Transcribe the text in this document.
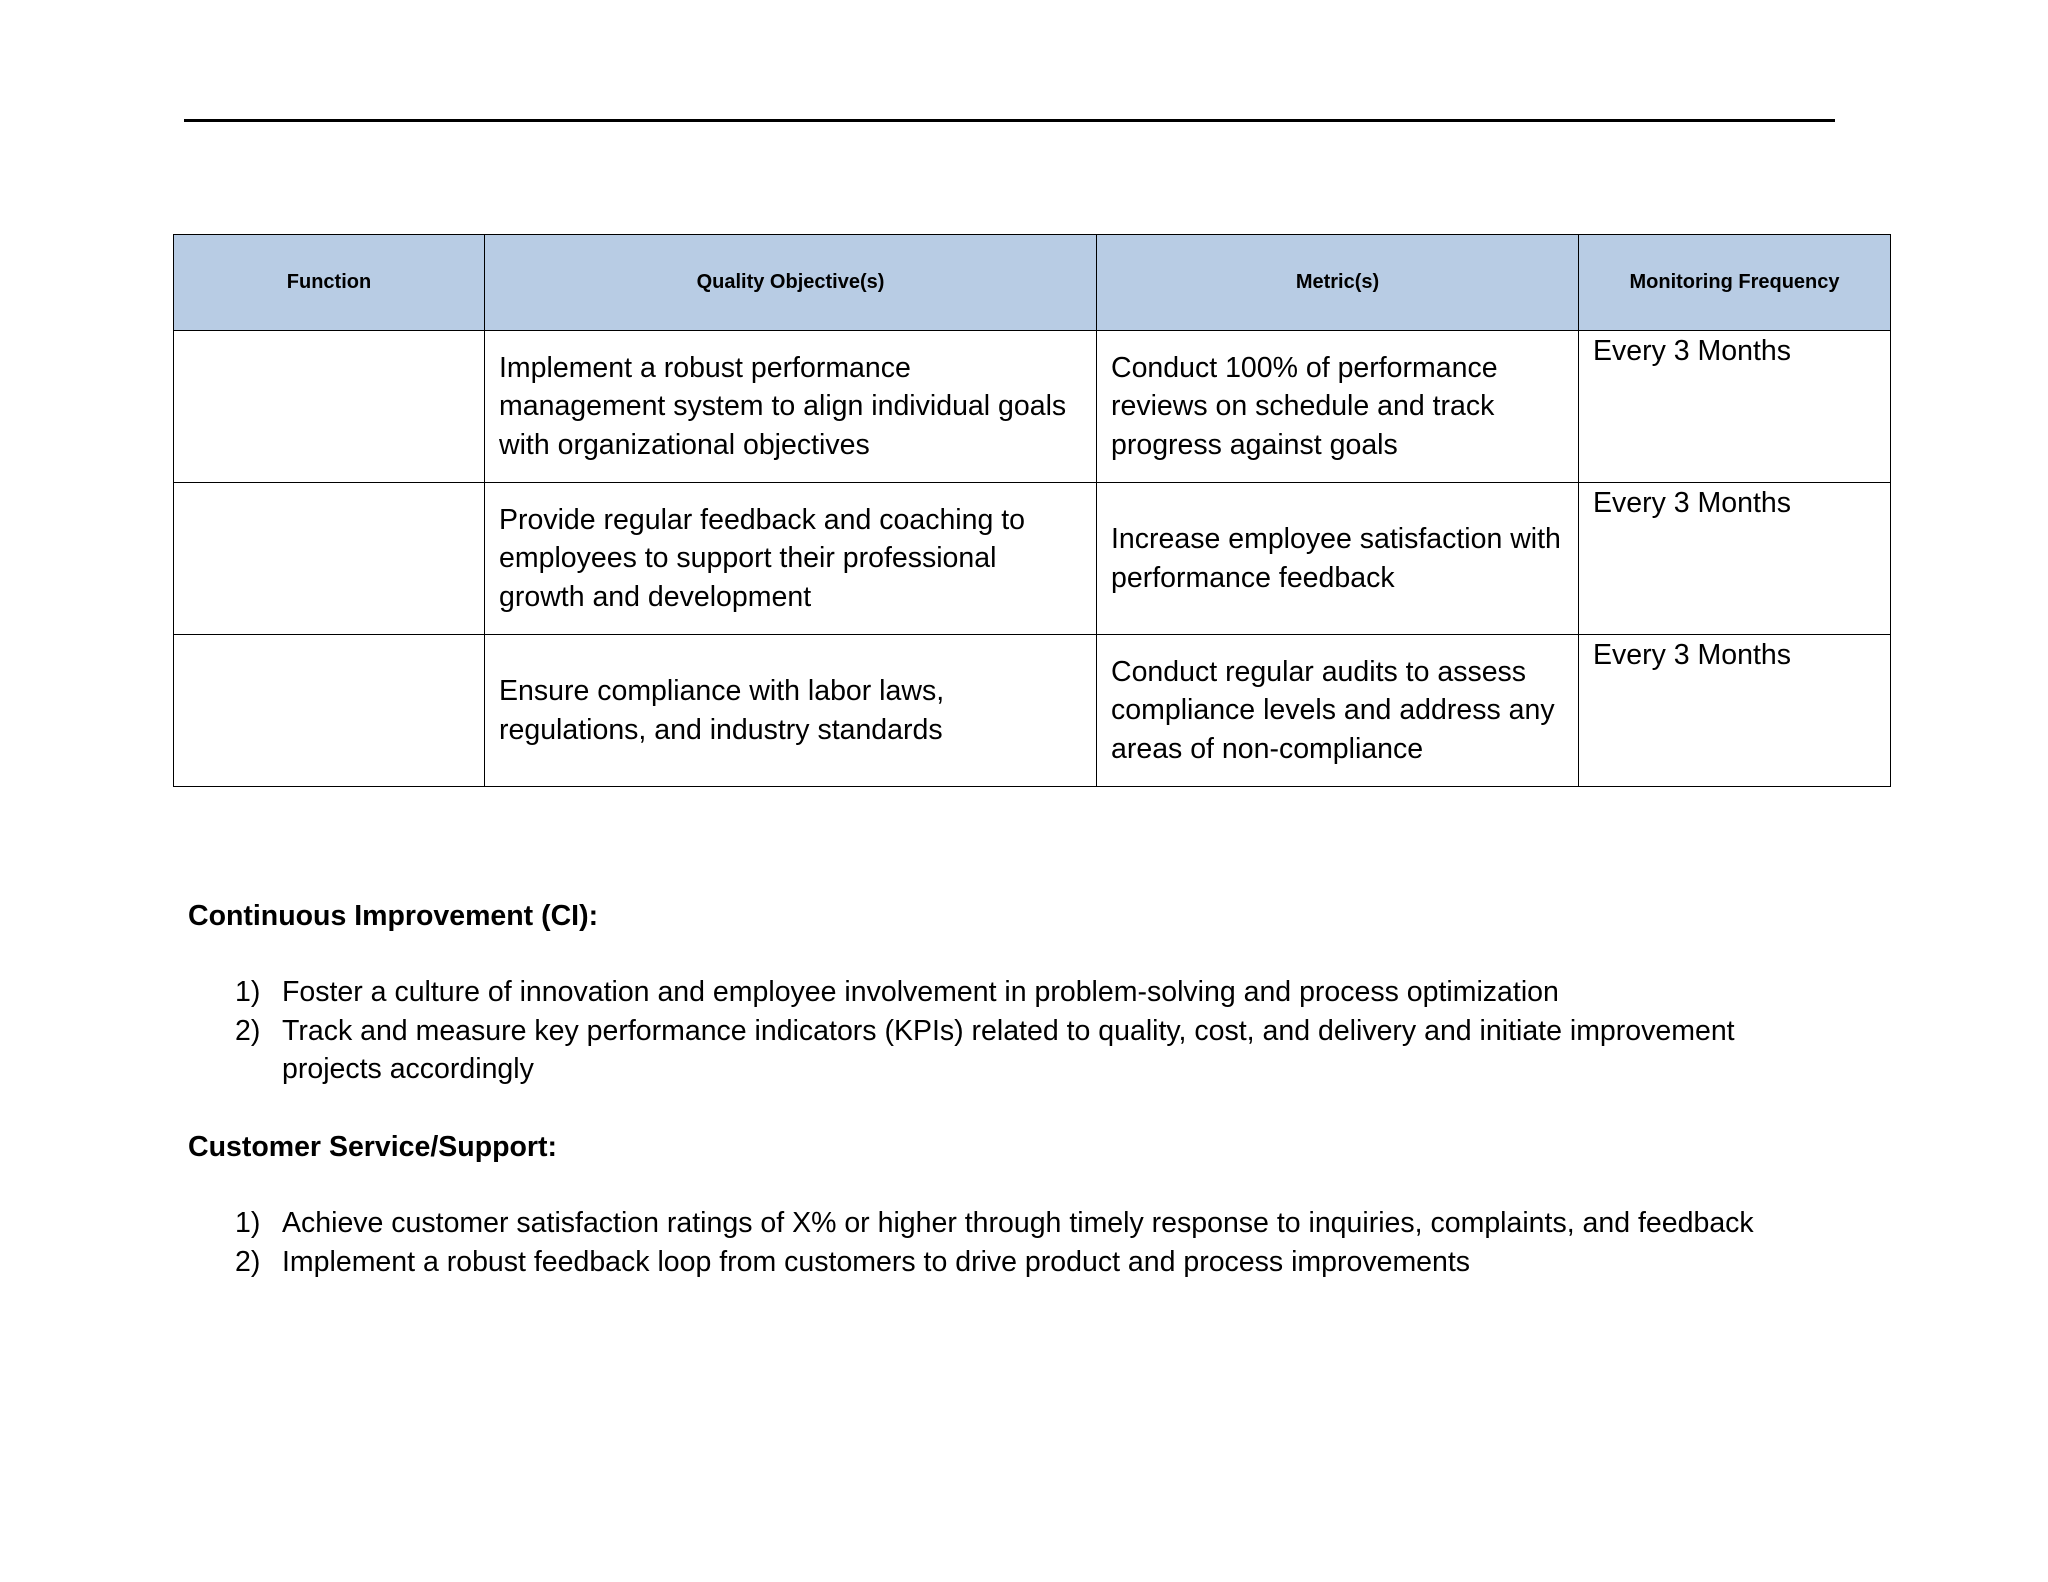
Function	Quality Objective(s)	Metric(s)	Monitoring Frequency
	Implement a robust performance management system to align individual goals with organizational objectives	Conduct 100% of performance reviews on schedule and track progress against goals	Every 3 Months
	Provide regular feedback and coaching to employees to support their professional growth and development	Increase employee satisfaction with performance feedback	Every 3 Months
	Ensure compliance with labor laws, regulations, and industry standards	Conduct regular audits to assess compliance levels and address any areas of non-compliance	Every 3 Months

Continuous Improvement (CI):

1) Foster a culture of innovation and employee involvement in problem-solving and process optimization
2) Track and measure key performance indicators (KPIs) related to quality, cost, and delivery and initiate improvement projects accordingly

Customer Service/Support:

1) Achieve customer satisfaction ratings of X% or higher through timely response to inquiries, complaints, and feedback
2) Implement a robust feedback loop from customers to drive product and process improvements
